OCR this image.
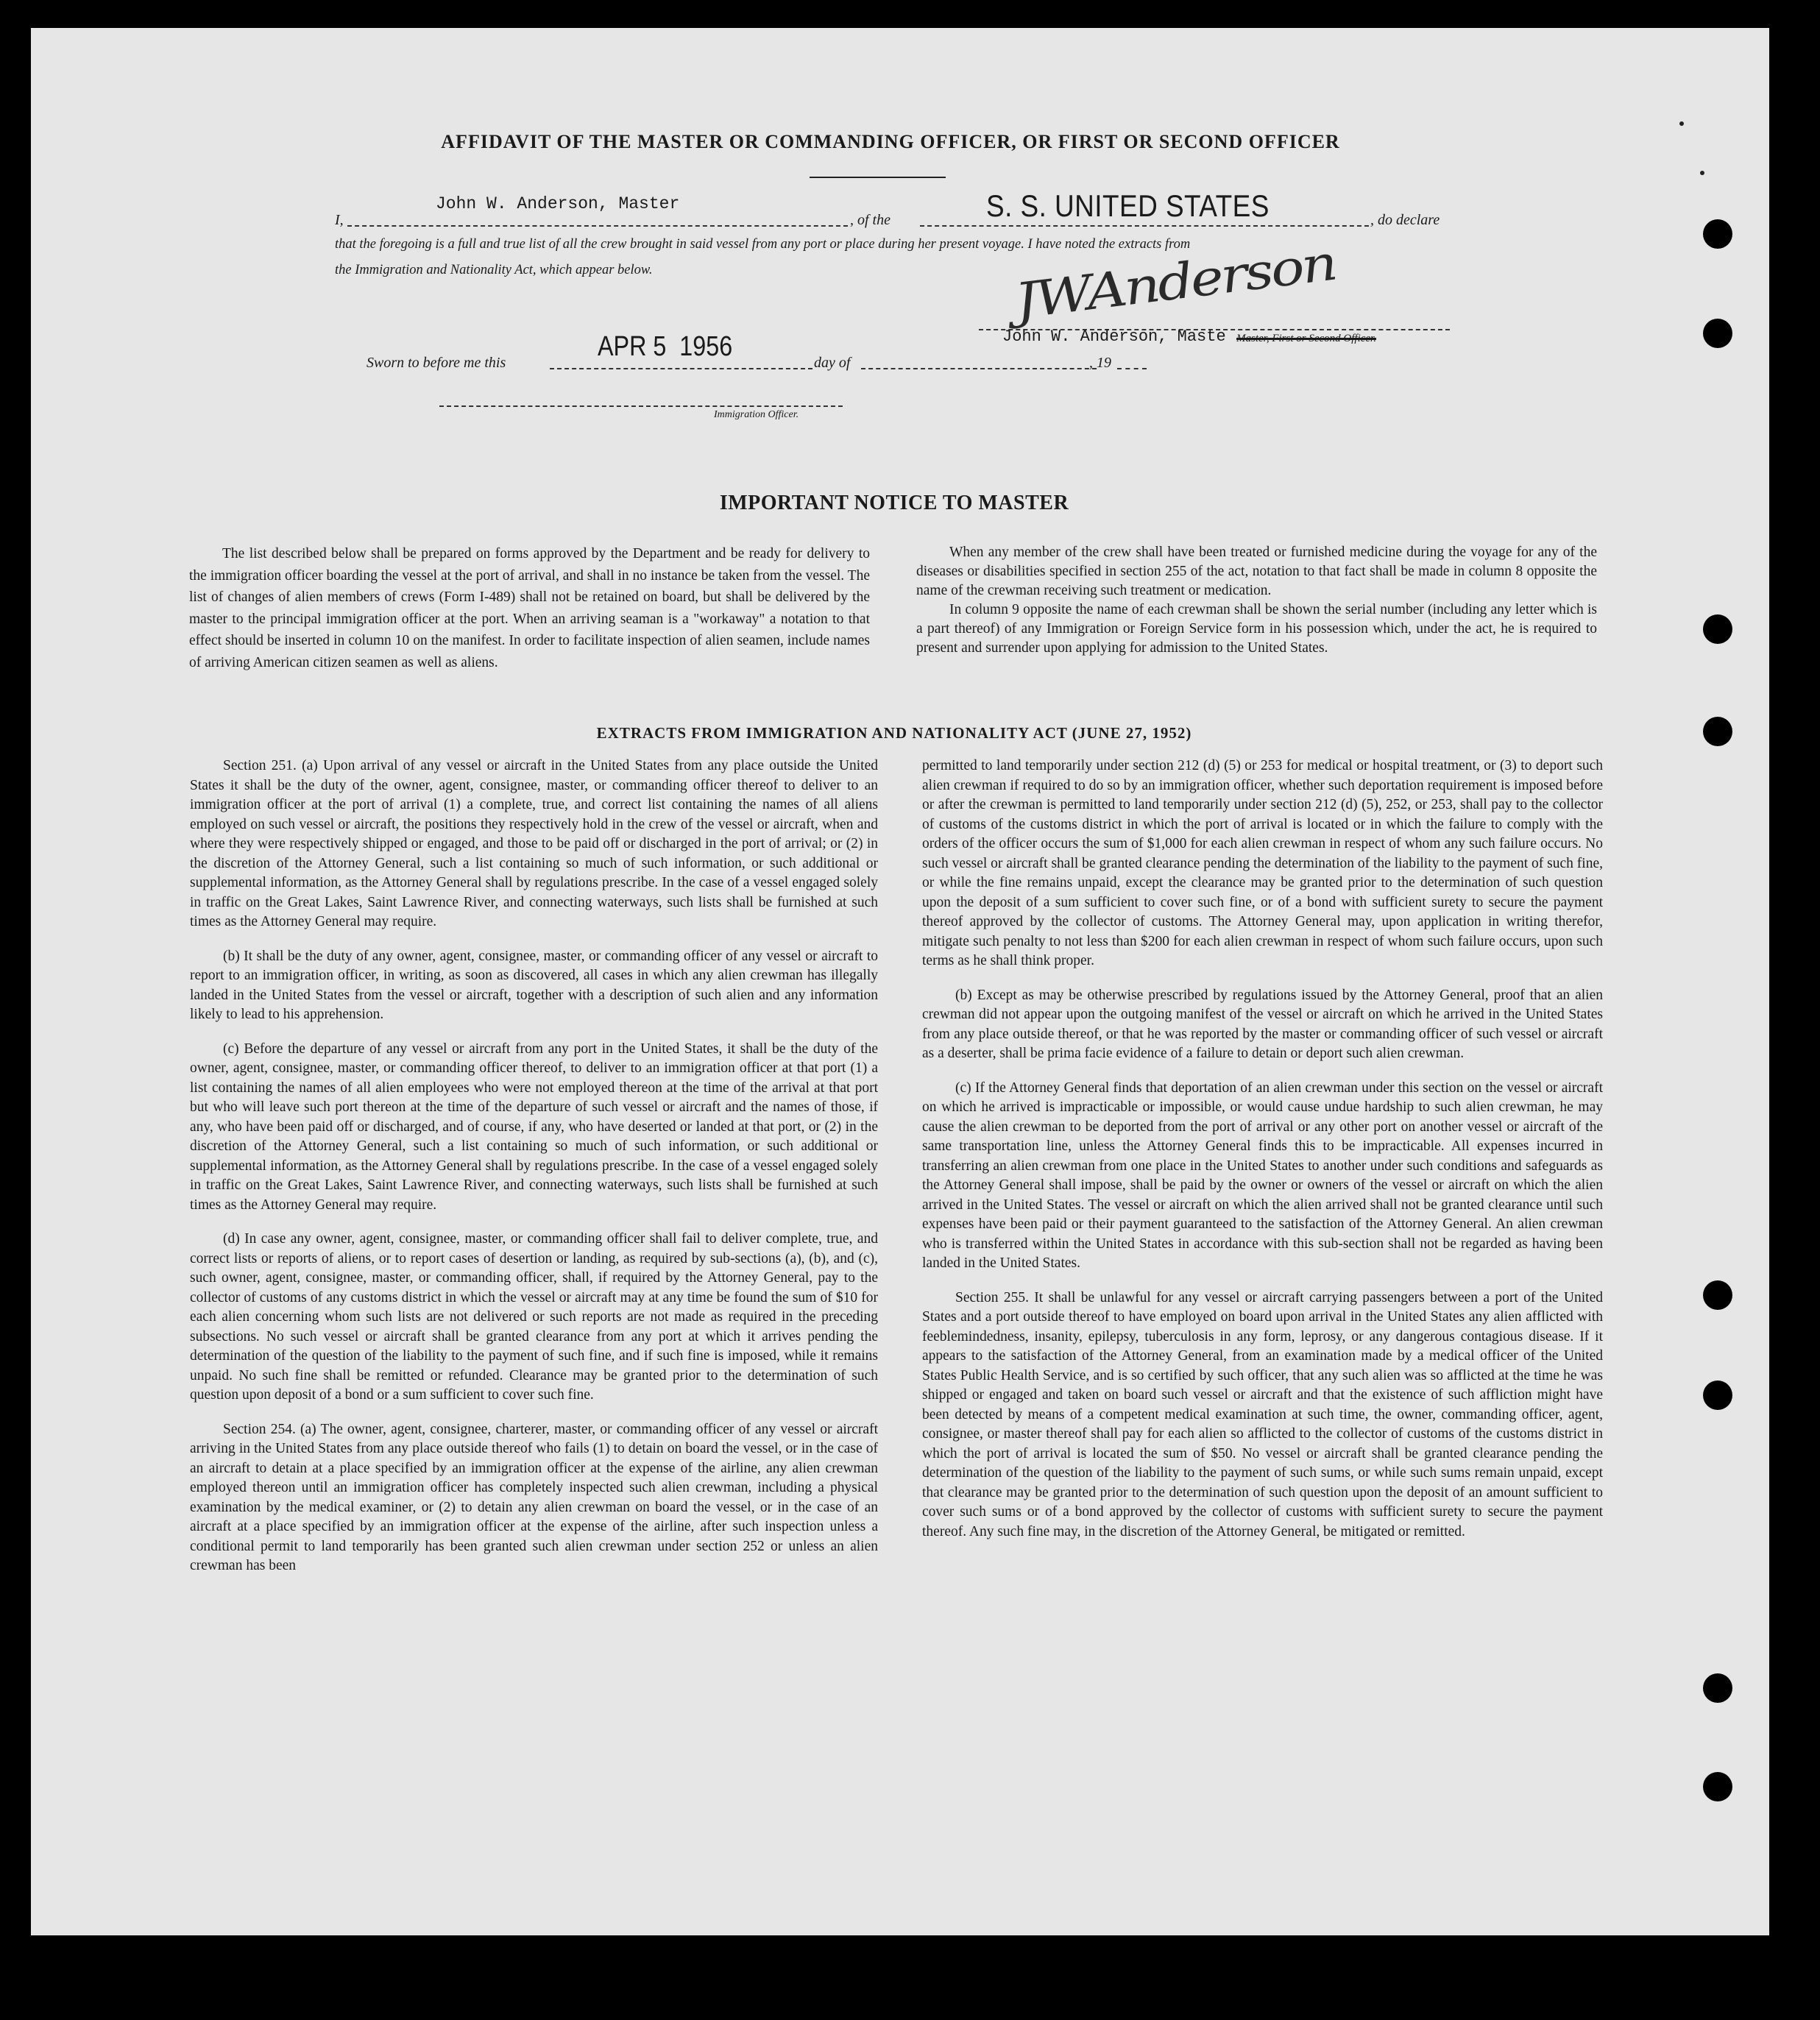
AFFIDAVIT OF THE MASTER OR COMMANDING OFFICER, OR FIRST OR SECOND OFFICER
I,
John W. Anderson, Master
, of the	S. S. UNITED STATES	, do declare
that the foregoing is a full and true list of all the crew brought in said vessel from any port or place during her present voyage. I have noted the extracts from
the Immigration and Nationality Act, which appear below.	JWAnderson
John W. Anderson, Maste Master, First or Second Officer.
Sworn to before me this
APR 5  1956
day of	, 19
Immigration Officer.
IMPORTANT NOTICE TO MASTER

The list described below shall be prepared on forms approved by the Department and be ready for delivery to the immigration officer boarding the vessel at the port of arrival, and shall in no instance be taken from the vessel. The list of changes of alien members of crews (Form I-489) shall not be retained on board, but shall be delivered by the master to the principal immigration officer at the port. When an arriving seaman is a "workaway" a notation to that effect should be inserted in column 10 on the manifest. In order to facilitate inspection of alien seamen, include names of arriving American citizen seamen as well as aliens.

When any member of the crew shall have been treated or furnished medicine during the voyage for any of the diseases or disabilities specified in section 255 of the act, notation to that fact shall be made in column 8 opposite the name of the crewman receiving such treatment or medication.

In column 9 opposite the name of each crewman shall be shown the serial number (including any letter which is a part thereof) of any Immigration or Foreign Service form in his possession which, under the act, he is required to present and surrender upon applying for admission to the United States.

EXTRACTS FROM IMMIGRATION AND NATIONALITY ACT (JUNE 27, 1952)

Section 251. (a) Upon arrival of any vessel or aircraft in the United States from any place outside the United States it shall be the duty of the owner, agent, consignee, master, or commanding officer thereof to deliver to an immigration officer at the port of arrival (1) a complete, true, and correct list containing the names of all aliens employed on such vessel or aircraft, the positions they respectively hold in the crew of the vessel or aircraft, when and where they were respectively shipped or engaged, and those to be paid off or discharged in the port of arrival; or (2) in the discretion of the Attorney General, such a list containing so much of such information, or such additional or supplemental information, as the Attorney General shall by regulations prescribe. In the case of a vessel engaged solely in traffic on the Great Lakes, Saint Lawrence River, and connecting waterways, such lists shall be furnished at such times as the Attorney General may require.

(b) It shall be the duty of any owner, agent, consignee, master, or commanding officer of any vessel or aircraft to report to an immigration officer, in writing, as soon as discovered, all cases in which any alien crewman has illegally landed in the United States from the vessel or aircraft, together with a description of such alien and any information likely to lead to his apprehension.

(c) Before the departure of any vessel or aircraft from any port in the United States, it shall be the duty of the owner, agent, consignee, master, or commanding officer thereof, to deliver to an immigration officer at that port (1) a list containing the names of all alien employees who were not employed thereon at the time of the arrival at that port but who will leave such port thereon at the time of the departure of such vessel or aircraft and the names of those, if any, who have been paid off or discharged, and of course, if any, who have deserted or landed at that port, or (2) in the discretion of the Attorney General, such a list containing so much of such information, or such additional or supplemental information, as the Attorney General shall by regulations prescribe. In the case of a vessel engaged solely in traffic on the Great Lakes, Saint Lawrence River, and connecting waterways, such lists shall be furnished at such times as the Attorney General may require.

(d) In case any owner, agent, consignee, master, or commanding officer shall fail to deliver complete, true, and correct lists or reports of aliens, or to report cases of desertion or landing, as required by sub-sections (a), (b), and (c), such owner, agent, consignee, master, or commanding officer, shall, if required by the Attorney General, pay to the collector of customs of any customs district in which the vessel or aircraft may at any time be found the sum of $10 for each alien concerning whom such lists are not delivered or such reports are not made as required in the preceding subsections. No such vessel or aircraft shall be granted clearance from any port at which it arrives pending the determination of the question of the liability to the payment of such fine, and if such fine is imposed, while it remains unpaid. No such fine shall be remitted or refunded. Clearance may be granted prior to the determination of such question upon deposit of a bond or a sum sufficient to cover such fine.

Section 254. (a) The owner, agent, consignee, charterer, master, or commanding officer of any vessel or aircraft arriving in the United States from any place outside thereof who fails (1) to detain on board the vessel, or in the case of an aircraft to detain at a place specified by an immigration officer at the expense of the airline, any alien crewman employed thereon until an immigration officer has completely inspected such alien crewman, including a physical examination by the medical examiner, or (2) to detain any alien crewman on board the vessel, or in the case of an aircraft at a place specified by an immigration officer at the expense of the airline, after such inspection unless a conditional permit to land temporarily has been granted such alien crewman under section 252 or unless an alien crewman has been

permitted to land temporarily under section 212 (d) (5) or 253 for medical or hospital treatment, or (3) to deport such alien crewman if required to do so by an immigration officer, whether such deportation requirement is imposed before or after the crewman is permitted to land temporarily under section 212 (d) (5), 252, or 253, shall pay to the collector of customs of the customs district in which the port of arrival is located or in which the failure to comply with the orders of the officer occurs the sum of $1,000 for each alien crewman in respect of whom any such failure occurs. No such vessel or aircraft shall be granted clearance pending the determination of the liability to the payment of such fine, or while the fine remains unpaid, except the clearance may be granted prior to the determination of such question upon the deposit of a sum sufficient to cover such fine, or of a bond with sufficient surety to secure the payment thereof approved by the collector of customs. The Attorney General may, upon application in writing therefor, mitigate such penalty to not less than $200 for each alien crewman in respect of whom such failure occurs, upon such terms as he shall think proper.

(b) Except as may be otherwise prescribed by regulations issued by the Attorney General, proof that an alien crewman did not appear upon the outgoing manifest of the vessel or aircraft on which he arrived in the United States from any place outside thereof, or that he was reported by the master or commanding officer of such vessel or aircraft as a deserter, shall be prima facie evidence of a failure to detain or deport such alien crewman.

(c) If the Attorney General finds that deportation of an alien crewman under this section on the vessel or aircraft on which he arrived is impracticable or impossible, or would cause undue hardship to such alien crewman, he may cause the alien crewman to be deported from the port of arrival or any other port on another vessel or aircraft of the same transportation line, unless the Attorney General finds this to be impracticable. All expenses incurred in transferring an alien crewman from one place in the United States to another under such conditions and safeguards as the Attorney General shall impose, shall be paid by the owner or owners of the vessel or aircraft on which the alien arrived in the United States. The vessel or aircraft on which the alien arrived shall not be granted clearance until such expenses have been paid or their payment guaranteed to the satisfaction of the Attorney General. An alien crewman who is transferred within the United States in accordance with this sub-section shall not be regarded as having been landed in the United States.

Section 255. It shall be unlawful for any vessel or aircraft carrying passengers between a port of the United States and a port outside thereof to have employed on board upon arrival in the United States any alien afflicted with feeblemindedness, insanity, epilepsy, tuberculosis in any form, leprosy, or any dangerous contagious disease. If it appears to the satisfaction of the Attorney General, from an examination made by a medical officer of the United States Public Health Service, and is so certified by such officer, that any such alien was so afflicted at the time he was shipped or engaged and taken on board such vessel or aircraft and that the existence of such affliction might have been detected by means of a competent medical examination at such time, the owner, commanding officer, agent, consignee, or master thereof shall pay for each alien so afflicted to the collector of customs of the customs district in which the port of arrival is located the sum of $50. No vessel or aircraft shall be granted clearance pending the determination of the question of the liability to the payment of such sums, or while such sums remain unpaid, except that clearance may be granted prior to the determination of such question upon the deposit of an amount sufficient to cover such sums or of a bond approved by the collector of customs with sufficient surety to secure the payment thereof. Any such fine may, in the discretion of the Attorney General, be mitigated or remitted.
